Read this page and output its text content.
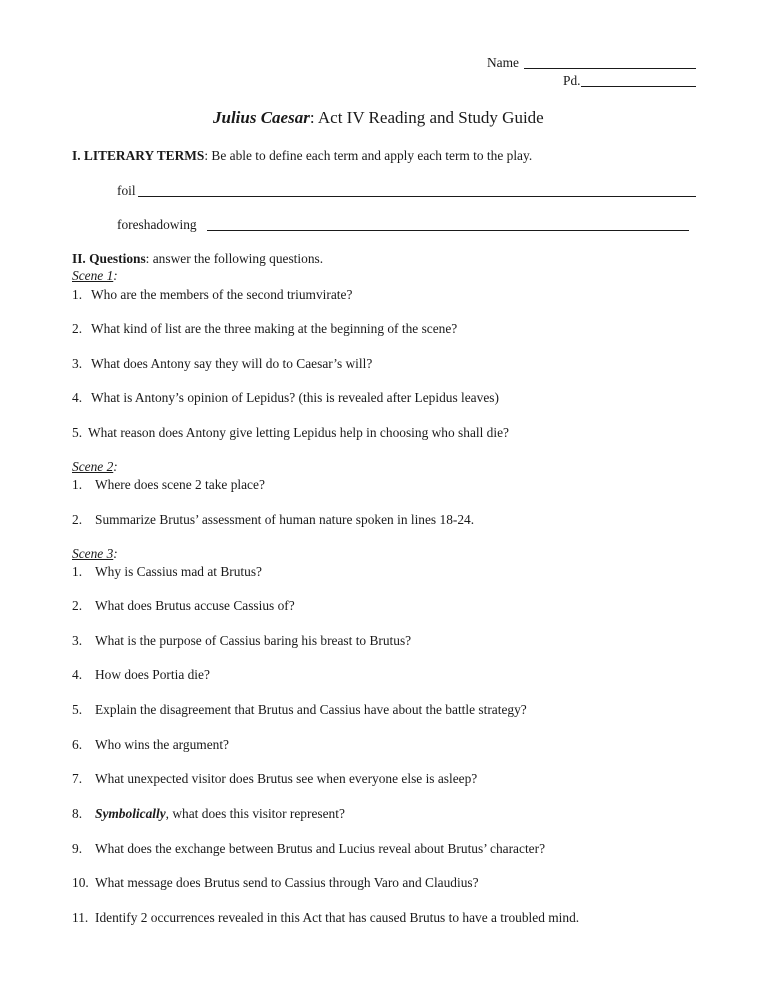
Name
Pd.
Julius Caesar: Act IV Reading and Study Guide
I. LITERARY TERMS: Be able to define each term and apply each term to the play.
foil
foreshadowing
II. Questions: answer the following questions.
Scene 1:
1. Who are the members of the second triumvirate?
2. What kind of list are the three making at the beginning of the scene?
3. What does Antony say they will do to Caesar’s will?
4. What is Antony’s opinion of Lepidus? (this is revealed after Lepidus leaves)
5. What reason does Antony give letting Lepidus help in choosing who shall die?
Scene 2:
1. Where does scene 2 take place?
2. Summarize Brutus’ assessment of human nature spoken in lines 18-24.
Scene 3:
1. Why is Cassius mad at Brutus?
2. What does Brutus accuse Cassius of?
3. What is the purpose of Cassius baring his breast to Brutus?
4. How does Portia die?
5. Explain the disagreement that Brutus and Cassius have about the battle strategy?
6. Who wins the argument?
7. What unexpected visitor does Brutus see when everyone else is asleep?
8. Symbolically, what does this visitor represent?
9. What does the exchange between Brutus and Lucius reveal about Brutus’ character?
10. What message does Brutus send to Cassius through Varo and Claudius?
11. Identify 2 occurrences revealed in this Act that has caused Brutus to have a troubled mind.
